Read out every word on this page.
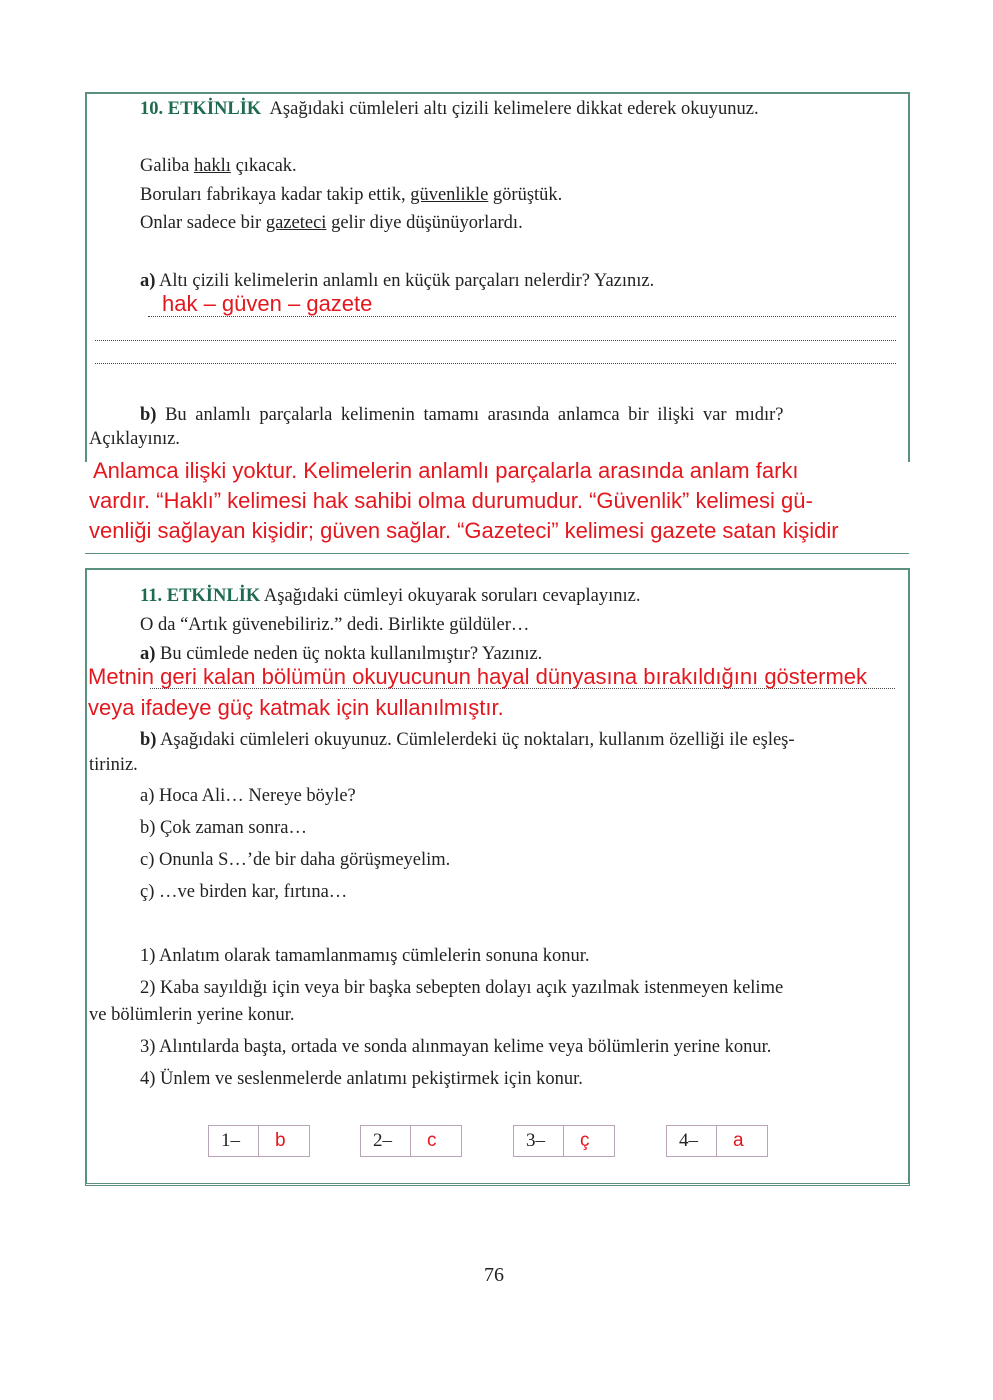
10. ETKİNLİK Aşağıdaki cümleleri altı çizili kelimelere dikkat ederek okuyunuz.
Galiba haklı çıkacak.
Boruları fabrikaya kadar takip ettik, güvenlikle görüştük.
Onlar sadece bir gazeteci gelir diye düşünüyorlardı.
a) Altı çizili kelimelerin anlamlı en küçük parçaları nelerdir? Yazınız.
hak – güven – gazete
b) Bu anlamlı parçalarla kelimenin tamamı arasında anlamca bir ilişki var mıdır?
Açıklayınız.
Anlamca ilişki yoktur. Kelimelerin anlamlı parçalarla arasında anlam farkı
vardır. “Haklı” kelimesi hak sahibi olma durumudur. “Güvenlik” kelimesi gü-
venliği sağlayan kişidir; güven sağlar. “Gazeteci” kelimesi gazete satan kişidir
11. ETKİNLİK Aşağıdaki cümleyi okuyarak soruları cevaplayınız.
O da “Artık güvenebiliriz.” dedi. Birlikte güldüler…
a) Bu cümlede neden üç nokta kullanılmıştır? Yazınız.
Metnin geri kalan bölümün okuyucunun hayal dünyasına bırakıldığını göstermek
veya ifadeye güç katmak için kullanılmıştır.
b) Aşağıdaki cümleleri okuyunuz. Cümlelerdeki üç noktaları, kullanım özelliği ile eşleş-
tiriniz.
a) Hoca Ali… Nereye böyle?
b) Çok zaman sonra…
c) Onunla S…’de bir daha görüşmeyelim.
ç) …ve birden kar, fırtına…
1) Anlatım olarak tamamlanmamış cümlelerin sonuna konur.
2) Kaba sayıldığı için veya bir başka sebepten dolayı açık yazılmak istenmeyen kelime
ve bölümlerin yerine konur.
3) Alıntılarda başta, ortada ve sonda alınmayan kelime veya bölümlerin yerine konur.
4) Ünlem ve seslenmelerde anlatımı pekiştirmek için konur.
1–	b	2–	c	3–	ç	4–	a
76
